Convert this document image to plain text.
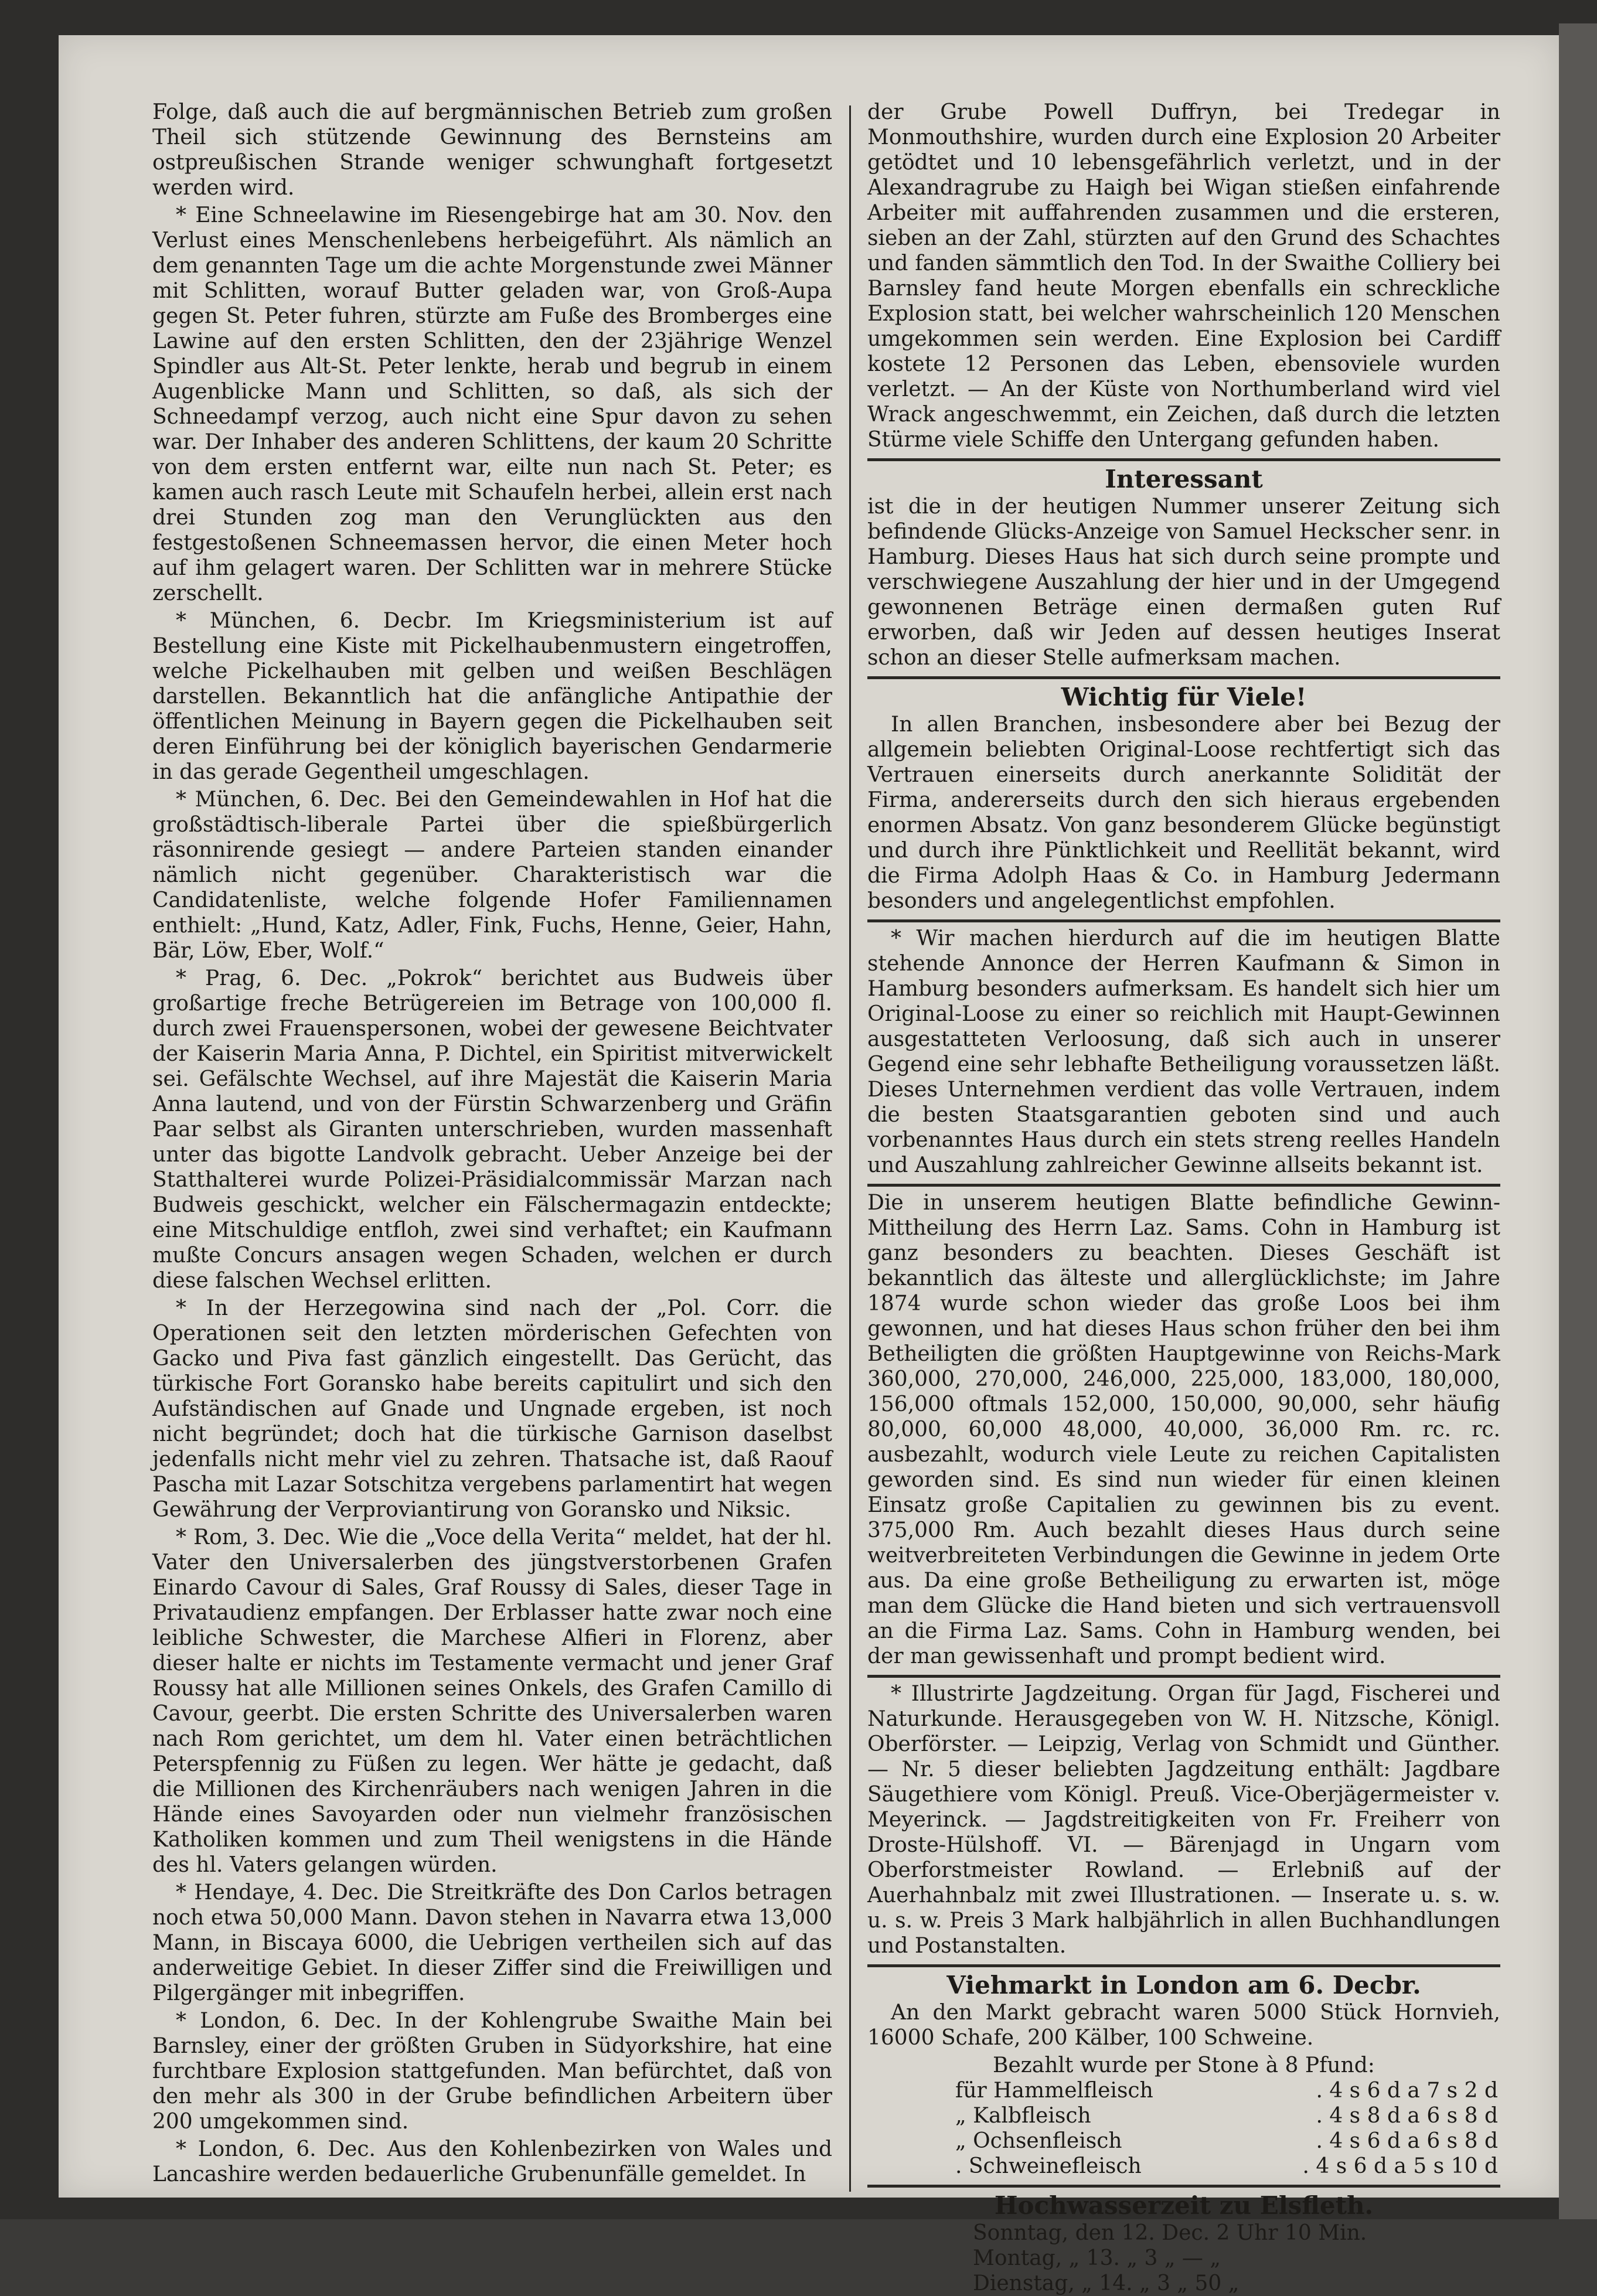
Folge, daß auch die auf bergmännischen Betrieb zum großen Theil sich stützende Gewinnung des Bernsteins am ostpreußischen Strande weniger schwunghaft fortgesetzt werden wird.

* Eine Schneelawine im Riesengebirge hat am 30. Nov. den Verlust eines Menschenlebens herbeigeführt. Als nämlich an dem genannten Tage um die achte Morgenstunde zwei Männer mit Schlitten, worauf Butter geladen war, von Groß-Aupa gegen St. Peter fuhren, stürzte am Fuße des Bromberges eine Lawine auf den ersten Schlitten, den der 23jährige Wenzel Spindler aus Alt-St. Peter lenkte, herab und begrub in einem Augenblicke Mann und Schlitten, so daß, als sich der Schneedampf verzog, auch nicht eine Spur davon zu sehen war. Der Inhaber des anderen Schlittens, der kaum 20 Schritte von dem ersten entfernt war, eilte nun nach St. Peter; es kamen auch rasch Leute mit Schaufeln herbei, allein erst nach drei Stunden zog man den Verunglückten aus den festgestoßenen Schneemassen hervor, die einen Meter hoch auf ihm gelagert waren. Der Schlitten war in mehrere Stücke zerschellt.

* München, 6. Decbr. Im Kriegsministerium ist auf Bestellung eine Kiste mit Pickelhaubenmustern eingetroffen, welche Pickelhauben mit gelben und weißen Beschlägen darstellen. Bekanntlich hat die anfängliche Antipathie der öffentlichen Meinung in Bayern gegen die Pickelhauben seit deren Einführung bei der königlich bayerischen Gendarmerie in das gerade Gegentheil umgeschlagen.

* München, 6. Dec. Bei den Gemeindewahlen in Hof hat die großstädtisch-liberale Partei über die spießbürgerlich räsonnirende gesiegt — andere Parteien standen einander nämlich nicht gegenüber. Charakteristisch war die Candidatenliste, welche folgende Hofer Familiennamen enthielt: „Hund, Katz, Adler, Fink, Fuchs, Henne, Geier, Hahn, Bär, Löw, Eber, Wolf.“

* Prag, 6. Dec. „Pokrok“ berichtet aus Budweis über großartige freche Betrügereien im Betrage von 100,000 fl. durch zwei Frauenspersonen, wobei der gewesene Beichtvater der Kaiserin Maria Anna, P. Dichtel, ein Spiritist mitverwickelt sei. Gefälschte Wechsel, auf ihre Majestät die Kaiserin Maria Anna lautend, und von der Fürstin Schwarzenberg und Gräfin Paar selbst als Giranten unterschrieben, wurden massenhaft unter das bigotte Landvolk gebracht. Ueber Anzeige bei der Statthalterei wurde Polizei-Präsidialcommissär Marzan nach Budweis geschickt, welcher ein Fälschermagazin entdeckte; eine Mitschuldige entfloh, zwei sind verhaftet; ein Kaufmann mußte Concurs ansagen wegen Schaden, welchen er durch diese falschen Wechsel erlitten.

* In der Herzegowina sind nach der „Pol. Corr. die Operationen seit den letzten mörderischen Gefechten von Gacko und Piva fast gänzlich eingestellt. Das Gerücht, das türkische Fort Goransko habe bereits capitulirt und sich den Aufständischen auf Gnade und Ungnade ergeben, ist noch nicht begründet; doch hat die türkische Garnison daselbst jedenfalls nicht mehr viel zu zehren. Thatsache ist, daß Raouf Pascha mit Lazar Sotschitza vergebens parlamentirt hat wegen Gewährung der Verproviantirung von Goransko und Niksic.

* Rom, 3. Dec. Wie die „Voce della Verita“ meldet, hat der hl. Vater den Universalerben des jüngstverstorbenen Grafen Einardo Cavour di Sales, Graf Roussy di Sales, dieser Tage in Privataudienz empfangen. Der Erblasser hatte zwar noch eine leibliche Schwester, die Marchese Alfieri in Florenz, aber dieser halte er nichts im Testamente vermacht und jener Graf Roussy hat alle Millionen seines Onkels, des Grafen Camillo di Cavour, geerbt. Die ersten Schritte des Universalerben waren nach Rom gerichtet, um dem hl. Vater einen beträchtlichen Peterspfennig zu Füßen zu legen. Wer hätte je gedacht, daß die Millionen des Kirchenräubers nach wenigen Jahren in die Hände eines Savoyarden oder nun vielmehr französischen Katholiken kommen und zum Theil wenigstens in die Hände des hl. Vaters gelangen würden.

* Hendaye, 4. Dec. Die Streitkräfte des Don Carlos betragen noch etwa 50,000 Mann. Davon stehen in Navarra etwa 13,000 Mann, in Biscaya 6000, die Uebrigen vertheilen sich auf das anderweitige Gebiet. In dieser Ziffer sind die Freiwilligen und Pilgergänger mit inbegriffen.

* London, 6. Dec. In der Kohlengrube Swaithe Main bei Barnsley, einer der größten Gruben in Südyorkshire, hat eine furchtbare Explosion stattgefunden. Man befürchtet, daß von den mehr als 300 in der Grube befindlichen Arbeitern über 200 umgekommen sind.

* London, 6. Dec. Aus den Kohlenbezirken von Wales und Lancashire werden bedauerliche Grubenunfälle gemeldet. In

der Grube Powell Duffryn, bei Tredegar in Monmouthshire, wurden durch eine Explosion 20 Arbeiter getödtet und 10 lebensgefährlich verletzt, und in der Alexandragrube zu Haigh bei Wigan stießen einfahrende Arbeiter mit auffahrenden zusammen und die ersteren, sieben an der Zahl, stürzten auf den Grund des Schachtes und fanden sämmtlich den Tod. In der Swaithe Colliery bei Barnsley fand heute Morgen ebenfalls ein schreckliche Explosion statt, bei welcher wahrscheinlich 120 Menschen umgekommen sein werden. Eine Explosion bei Cardiff kostete 12 Personen das Leben, ebensoviele wurden verletzt. — An der Küste von Northumberland wird viel Wrack angeschwemmt, ein Zeichen, daß durch die letzten Stürme viele Schiffe den Untergang gefunden haben.

Interessant

ist die in der heutigen Nummer unserer Zeitung sich befindende Glücks-Anzeige von Samuel Heckscher senr. in Hamburg. Dieses Haus hat sich durch seine prompte und verschwiegene Auszahlung der hier und in der Umgegend gewonnenen Beträge einen dermaßen guten Ruf erworben, daß wir Jeden auf dessen heutiges Inserat schon an dieser Stelle aufmerksam machen.

Wichtig für Viele!

In allen Branchen, insbesondere aber bei Bezug der allgemein beliebten Original-Loose rechtfertigt sich das Vertrauen einerseits durch anerkannte Solidität der Firma, andererseits durch den sich hieraus ergebenden enormen Absatz. Von ganz besonderem Glücke begünstigt und durch ihre Pünktlichkeit und Reellität bekannt, wird die Firma Adolph Haas & Co. in Hamburg Jedermann besonders und angelegentlichst empfohlen.

* Wir machen hierdurch auf die im heutigen Blatte stehende Annonce der Herren Kaufmann & Simon in Hamburg besonders aufmerksam. Es handelt sich hier um Original-Loose zu einer so reichlich mit Haupt-Gewinnen ausgestatteten Verloosung, daß sich auch in unserer Gegend eine sehr lebhafte Betheiligung voraussetzen läßt. Dieses Unternehmen verdient das volle Vertrauen, indem die besten Staatsgarantien geboten sind und auch vorbenanntes Haus durch ein stets streng reelles Handeln und Auszahlung zahlreicher Gewinne allseits bekannt ist.

Die in unserem heutigen Blatte befindliche Gewinn-Mittheilung des Herrn Laz. Sams. Cohn in Hamburg ist ganz besonders zu beachten. Dieses Geschäft ist bekanntlich das älteste und allerglücklichste; im Jahre 1874 wurde schon wieder das große Loos bei ihm gewonnen, und hat dieses Haus schon früher den bei ihm Betheiligten die größten Hauptgewinne von Reichs-Mark 360,000, 270,000, 246,000, 225,000, 183,000, 180,000, 156,000 oftmals 152,000, 150,000, 90,000, sehr häufig 80,000, 60,000 48,000, 40,000, 36,000 Rm. rc. rc. ausbezahlt, wodurch viele Leute zu reichen Capitalisten geworden sind. Es sind nun wieder für einen kleinen Einsatz große Capitalien zu gewinnen bis zu event. 375,000 Rm. Auch bezahlt dieses Haus durch seine weitverbreiteten Verbindungen die Gewinne in jedem Orte aus. Da eine große Betheiligung zu erwarten ist, möge man dem Glücke die Hand bieten und sich vertrauensvoll an die Firma Laz. Sams. Cohn in Hamburg wenden, bei der man gewissenhaft und prompt bedient wird.

* Illustrirte Jagdzeitung. Organ für Jagd, Fischerei und Naturkunde. Herausgegeben von W. H. Nitzsche, Königl. Oberförster. — Leipzig, Verlag von Schmidt und Günther. — Nr. 5 dieser beliebten Jagdzeitung enthält: Jagdbare Säugethiere vom Königl. Preuß. Vice-Oberjägermeister v. Meyerinck. — Jagdstreitigkeiten von Fr. Freiherr von Droste-Hülshoff. VI. — Bärenjagd in Ungarn vom Oberforstmeister Rowland. — Erlebniß auf der Auerhahnbalz mit zwei Illustrationen. — Inserate u. s. w. u. s. w. Preis 3 Mark halbjährlich in allen Buchhandlungen und Postanstalten.

Viehmarkt in London am 6. Decbr.

An den Markt gebracht waren 5000 Stück Hornvieh, 16000 Schafe, 200 Kälber, 100 Schweine.

Bezahlt wurde per Stone à 8 Pfund:

für Hammelfleisch	. 4 s 6 d a 7 s 2 d
„ Kalbfleisch	. 4 s 8 d a 6 s 8 d
„ Ochsenfleisch	. 4 s 6 d a 6 s 8 d
. Schweinefleisch	. 4 s 6 d a 5 s 10 d

Hochwasserzeit zu Elsfleth.

Sonntag, den 12. Dec. 2 Uhr 10 Min.
Montag, „ 13. „ 3 „ — „
Dienstag, „ 14. „ 3 „ 50 „
